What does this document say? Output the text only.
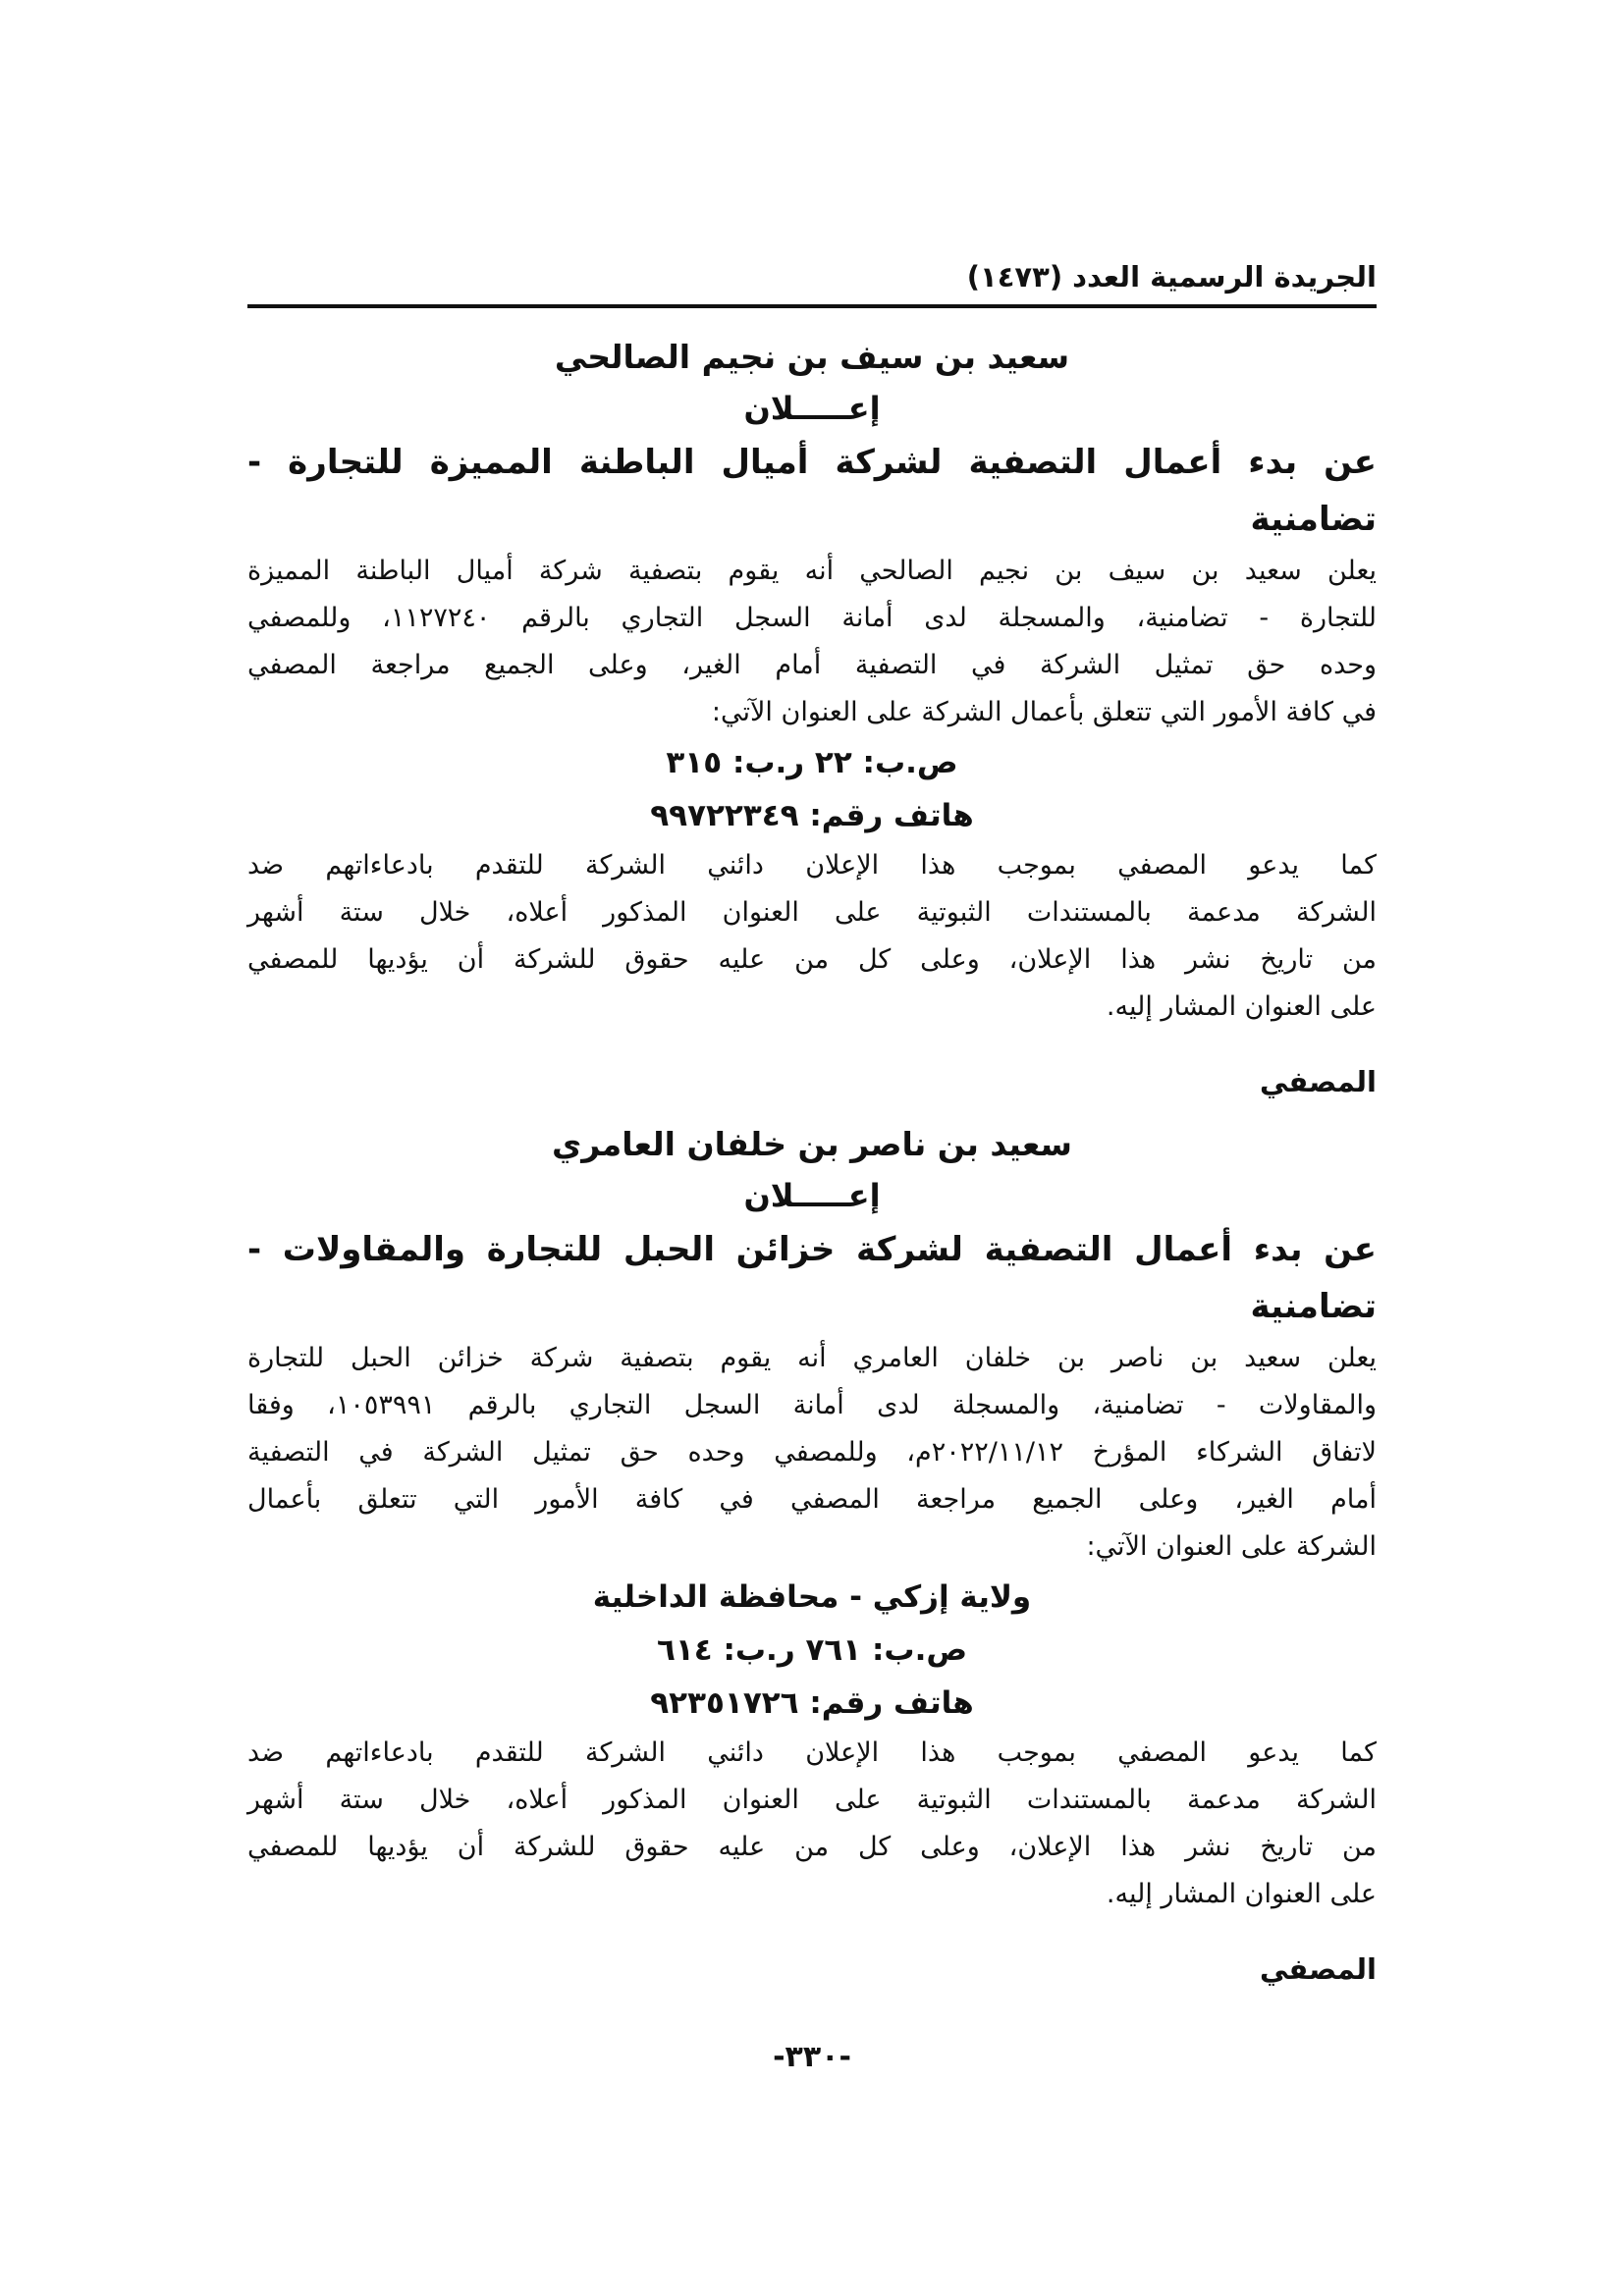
الجريدة الرسمية العدد (١٤٧٣)
سعيد بن سيف بن نجيم الصالحي
إعـــــلان
عن بدء أعمال التصفية لشركة أميال الباطنة المميزة للتجارة - تضامنية

يعلن سعيد بن سيف بن نجيم الصالحي أنه يقوم بتصفية شركة أميال الباطنة المميزة
للتجارة - تضامنية، والمسجلة لدى أمانة السجل التجاري بالرقم ١١٢٧٢٤٠، وللمصفي
وحده حق تمثيل الشركة في التصفية أمام الغير، وعلى الجميع مراجعة المصفي
في كافة الأمور التي تتعلق بأعمال الشركة على العنوان الآتي:

ص.ب: ٢٢ ر.ب: ٣١٥
هاتف رقم: ٩٩٧٢٢٣٤٩

كما يدعو المصفي بموجب هذا الإعلان دائني الشركة للتقدم بادعاءاتهم ضد
الشركة مدعمة بالمستندات الثبوتية على العنوان المذكور أعلاه، خلال ستة أشهر
من تاريخ نشر هذا الإعلان، وعلى كل من عليه حقوق للشركة أن يؤديها للمصفي
على العنوان المشار إليه.

المصفي
سعيد بن ناصر بن خلفان العامري
إعـــــلان
عن بدء أعمال التصفية لشركة خزائن الحبل للتجارة والمقاولات - تضامنية

يعلن سعيد بن ناصر بن خلفان العامري أنه يقوم بتصفية شركة خزائن الحبل للتجارة
والمقاولات - تضامنية، والمسجلة لدى أمانة السجل التجاري بالرقم ١٠٥٣٩٩١، وفقا
لاتفاق الشركاء المؤرخ ٢٠٢٢/١١/١٢م، وللمصفي وحده حق تمثيل الشركة في التصفية
أمام الغير، وعلى الجميع مراجعة المصفي في كافة الأمور التي تتعلق بأعمال
الشركة على العنوان الآتي:

ولاية إزكي - محافظة الداخلية
ص.ب: ٧٦١ ر.ب: ٦١٤
هاتف رقم: ٩٢٣٥١٧٢٦

كما يدعو المصفي بموجب هذا الإعلان دائني الشركة للتقدم بادعاءاتهم ضد
الشركة مدعمة بالمستندات الثبوتية على العنوان المذكور أعلاه، خلال ستة أشهر
من تاريخ نشر هذا الإعلان، وعلى كل من عليه حقوق للشركة أن يؤديها للمصفي
على العنوان المشار إليه.

المصفي
-٣٣٠-
